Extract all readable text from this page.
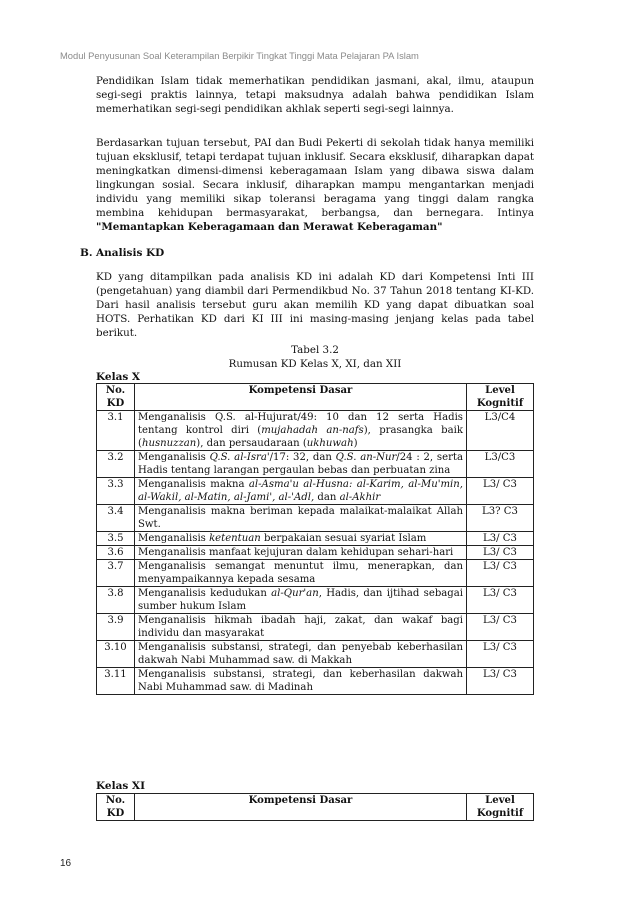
Modul Penyusunan Soal Keterampilan Berpikir Tingkat Tinggi Mata Pelajaran PA Islam

Pendidikan Islam tidak memerhatikan pendidikan jasmani, akal, ilmu, ataupun segi-segi praktis lainnya, tetapi maksudnya adalah bahwa pendidikan Islam memerhatikan segi-segi pendidikan akhlak seperti segi-segi lainnya.

Berdasarkan tujuan tersebut, PAI dan Budi Pekerti di sekolah tidak hanya memiliki tujuan eksklusif, tetapi terdapat tujuan inklusif. Secara eksklusif, diharapkan dapat meningkatkan dimensi-dimensi keberagamaan Islam yang dibawa siswa dalam lingkungan sosial. Secara inklusif, diharapkan mampu mengantarkan menjadi individu yang memiliki sikap toleransi beragama yang tinggi dalam rangka membina kehidupan bermasyarakat, berbangsa, dan bernegara. Intinya "Memantapkan Keberagamaan dan Merawat Keberagaman"

B. Analisis KD

KD yang ditampilkan pada analisis KD ini adalah KD dari Kompetensi Inti III (pengetahuan) yang diambil dari Permendikbud No. 37 Tahun 2018 tentang KI-KD. Dari hasil analisis tersebut guru akan memilih KD yang dapat dibuatkan soal HOTS. Perhatikan KD dari KI III ini masing-masing jenjang kelas pada tabel berikut.

Tabel 3.2
Rumusan KD Kelas X, XI, dan XII
Kelas X
No. KD	Kompetensi Dasar	Level Kognitif
3.1	Menganalisis Q.S. al-Hujurat/49: 10 dan 12 serta Hadis tentang kontrol diri (mujahadah an-nafs), prasangka baik (husnuzzan), dan persaudaraan (ukhuwah)	L3/C4
3.2	Menganalisis Q.S. al-Isra'/17: 32, dan Q.S. an-Nur/24 : 2, serta Hadis tentang larangan pergaulan bebas dan perbuatan zina	L3/C3
3.3	Menganalisis makna al-Asma'u al-Husna: al-Karim, al-Mu'min, al-Wakil, al-Matin, al-Jami', al-'Adl, dan al-Akhir	L3/ C3
3.4	Menganalisis makna beriman kepada malaikat-malaikat Allah Swt.	L3? C3
3.5	Menganalisis ketentuan berpakaian sesuai syariat Islam	L3/ C3
3.6	Menganalisis manfaat kejujuran dalam kehidupan sehari-hari	L3/ C3
3.7	Menganalisis semangat menuntut ilmu, menerapkan, dan menyampaikannya kepada sesama	L3/ C3
3.8	Menganalisis kedudukan al-Qur'an, Hadis, dan ijtihad sebagai sumber hukum Islam	L3/ C3
3.9	Menganalisis hikmah ibadah haji, zakat, dan wakaf bagi individu dan masyarakat	L3/ C3
3.10	Menganalisis substansi, strategi, dan penyebab keberhasilan dakwah Nabi Muhammad saw. di Makkah	L3/ C3
3.11	Menganalisis substansi, strategi, dan keberhasilan dakwah Nabi Muhammad saw. di Madinah	L3/ C3
Kelas XI
No. KD	Kompetensi Dasar	Level Kognitif
16
